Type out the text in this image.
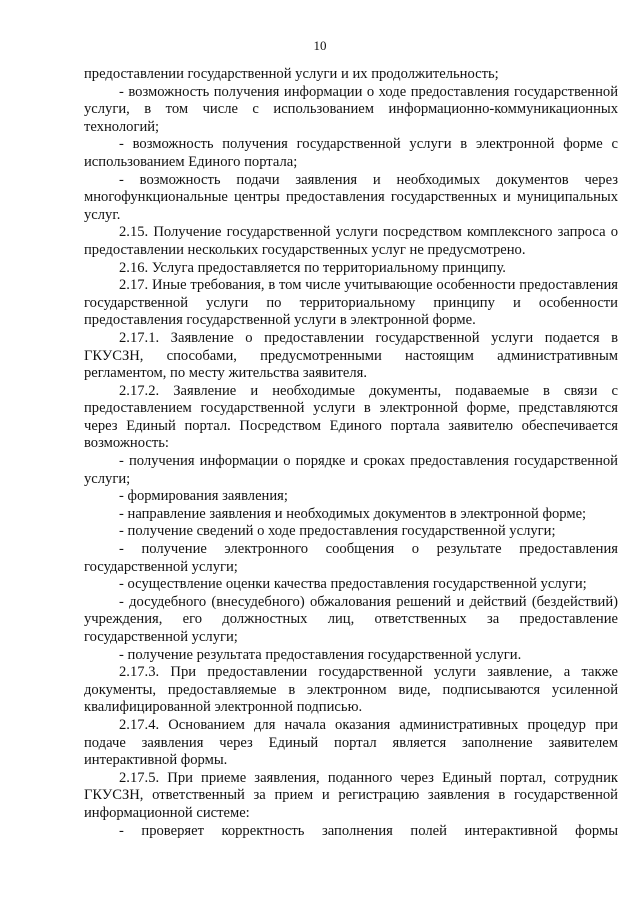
10

предоставлении государственной услуги и их продолжительность;

- возможность получения информации о ходе предоставления государственной услуги, в том числе с использованием информационно-коммуникационных технологий;

- возможность получения государственной услуги в электронной форме с использованием Единого портала;

- возможность подачи заявления и необходимых документов через многофункциональные центры предоставления государственных и муниципальных услуг.

2.15. Получение государственной услуги посредством комплексного запроса о предоставлении нескольких государственных услуг не предусмотрено.

2.16. Услуга предоставляется по территориальному принципу.

2.17. Иные требования, в том числе учитывающие особенности предоставления государственной услуги по территориальному принципу и особенности предоставления государственной услуги в электронной форме.

2.17.1. Заявление о предоставлении государственной услуги подается в ГКУСЗН, способами, предусмотренными настоящим административным регламентом, по месту жительства заявителя.

2.17.2. Заявление и необходимые документы, подаваемые в связи с предоставлением государственной услуги в электронной форме, представляются через Единый портал. Посредством Единого портала заявителю обеспечивается возможность:

- получения информации о порядке и сроках предоставления государственной услуги;

- формирования заявления;

- направление заявления и необходимых документов в электронной форме;

- получение сведений о ходе предоставления государственной услуги;

- получение электронного сообщения о результате предоставления государственной услуги;

- осуществление оценки качества предоставления государственной услуги;

- досудебного (внесудебного) обжалования решений и действий (бездействий) учреждения, его должностных лиц, ответственных за предоставление государственной услуги;

- получение результата предоставления государственной услуги.

2.17.3. При предоставлении государственной услуги заявление, а также документы, предоставляемые в электронном виде, подписываются усиленной квалифицированной электронной подписью.

2.17.4. Основанием для начала оказания административных процедур при подаче заявления через Единый портал является заполнение заявителем интерактивной формы.

2.17.5. При приеме заявления, поданного через Единый портал, сотрудник ГКУСЗН, ответственный за прием и регистрацию заявления в государственной информационной системе:

- проверяет корректность заполнения полей интерактивной формы
